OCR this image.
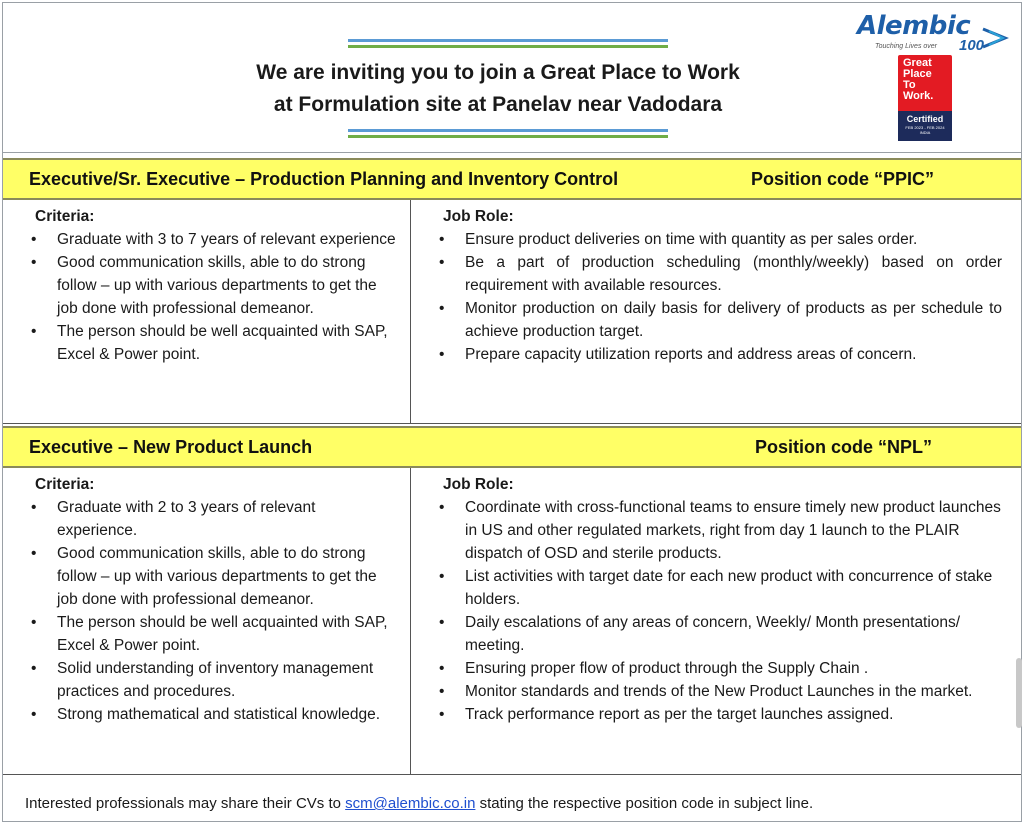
We are inviting you to join a Great Place to Work
at Formulation site at Panelav near Vadodara
Alembic
Touching Lives over 100
Great
Place
To
Work.
Certified
FEB 2023 - FEB 2024
INDIA
Executive/Sr. Executive – Production Planning and Inventory Control	Position code “PPIC”
Criteria:
• Graduate with 3 to 7 years of relevant experience
• Good communication skills, able to do strong follow – up with various departments to get the job done with professional demeanor.
• The person should be well acquainted with SAP, Excel & Power point.
Job Role:
• Ensure product deliveries on time with quantity as per sales order.
• Be a part of production scheduling (monthly/weekly) based on order requirement with available resources.
• Monitor production on daily basis for delivery of products as per schedule to achieve production target.
• Prepare capacity utilization reports and address areas of concern.
Executive – New Product Launch	Position code “NPL”
Criteria:
• Graduate with 2 to 3 years of relevant experience.
• Good communication skills, able to do strong follow – up with various departments to get the job done with professional demeanor.
• The person should be well acquainted with SAP, Excel & Power point.
• Solid understanding of inventory management practices and procedures.
• Strong mathematical and statistical knowledge.
Job Role:
• Coordinate with cross-functional teams to ensure timely new product launches in US and other regulated markets, right from day 1 launch to the PLAIR dispatch of OSD and sterile products.
• List activities with target date for each new product with concurrence of stake holders.
• Daily escalations of any areas of concern, Weekly/ Month presentations/ meeting.
• Ensuring proper flow of product through the Supply Chain .
• Monitor standards and trends of the New Product Launches in the market.
• Track performance report as per the target launches assigned.
Interested professionals may share their CVs to scm@alembic.co.in stating the respective position code in subject line.
